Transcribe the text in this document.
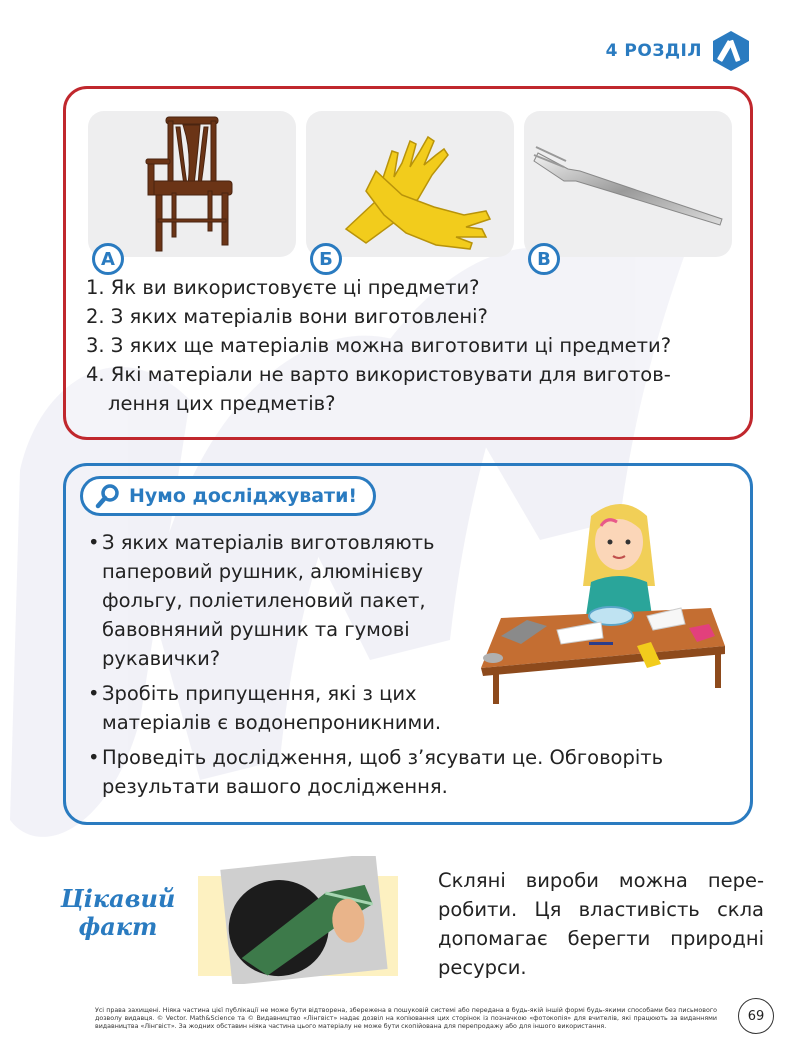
4 РОЗДІЛ
А	Б	В
1. Як ви використовуєте ці предмети?
2. З яких матеріалів вони виготовлені?
3. З яких ще матеріалів можна виготовити ці предмети?
4. Які матеріали не варто використовувати для виготов-
лення цих предметів?
Нумо досліджувати!
• З яких матеріалів виготовляють
паперовий рушник, алюмінієву
фольгу, поліетиленовий пакет,
бавовняний рушник та гумові
рукавички?
• Зробіть припущення, які з цих
матеріалів є водонепроникними.
• Проведіть дослідження, щоб з’ясувати це. Обговоріть
результати вашого дослідження.
Цікавий
факт
Скляні вироби можна пере-робити. Ця властивість скла допомагає берегти природні ресурси.
Усі права захищені. Ніяка частина цієї публікації не може бути відтворена, збережена в пошуковій системі або передана в будь-якій іншій формі будь-якими способами без письмового дозволу видавця. © Vector. Math&Science та © Видавництво «Лінгвіст» надає дозвіл на копіювання цих сторінок із позначкою «фотокопія» для вчителів, які працюють за виданнями видавництва «Лінгвіст». За жодних обставин ніяка частина цього матеріалу не може бути скопійована для перепродажу або для іншого використання.
69
